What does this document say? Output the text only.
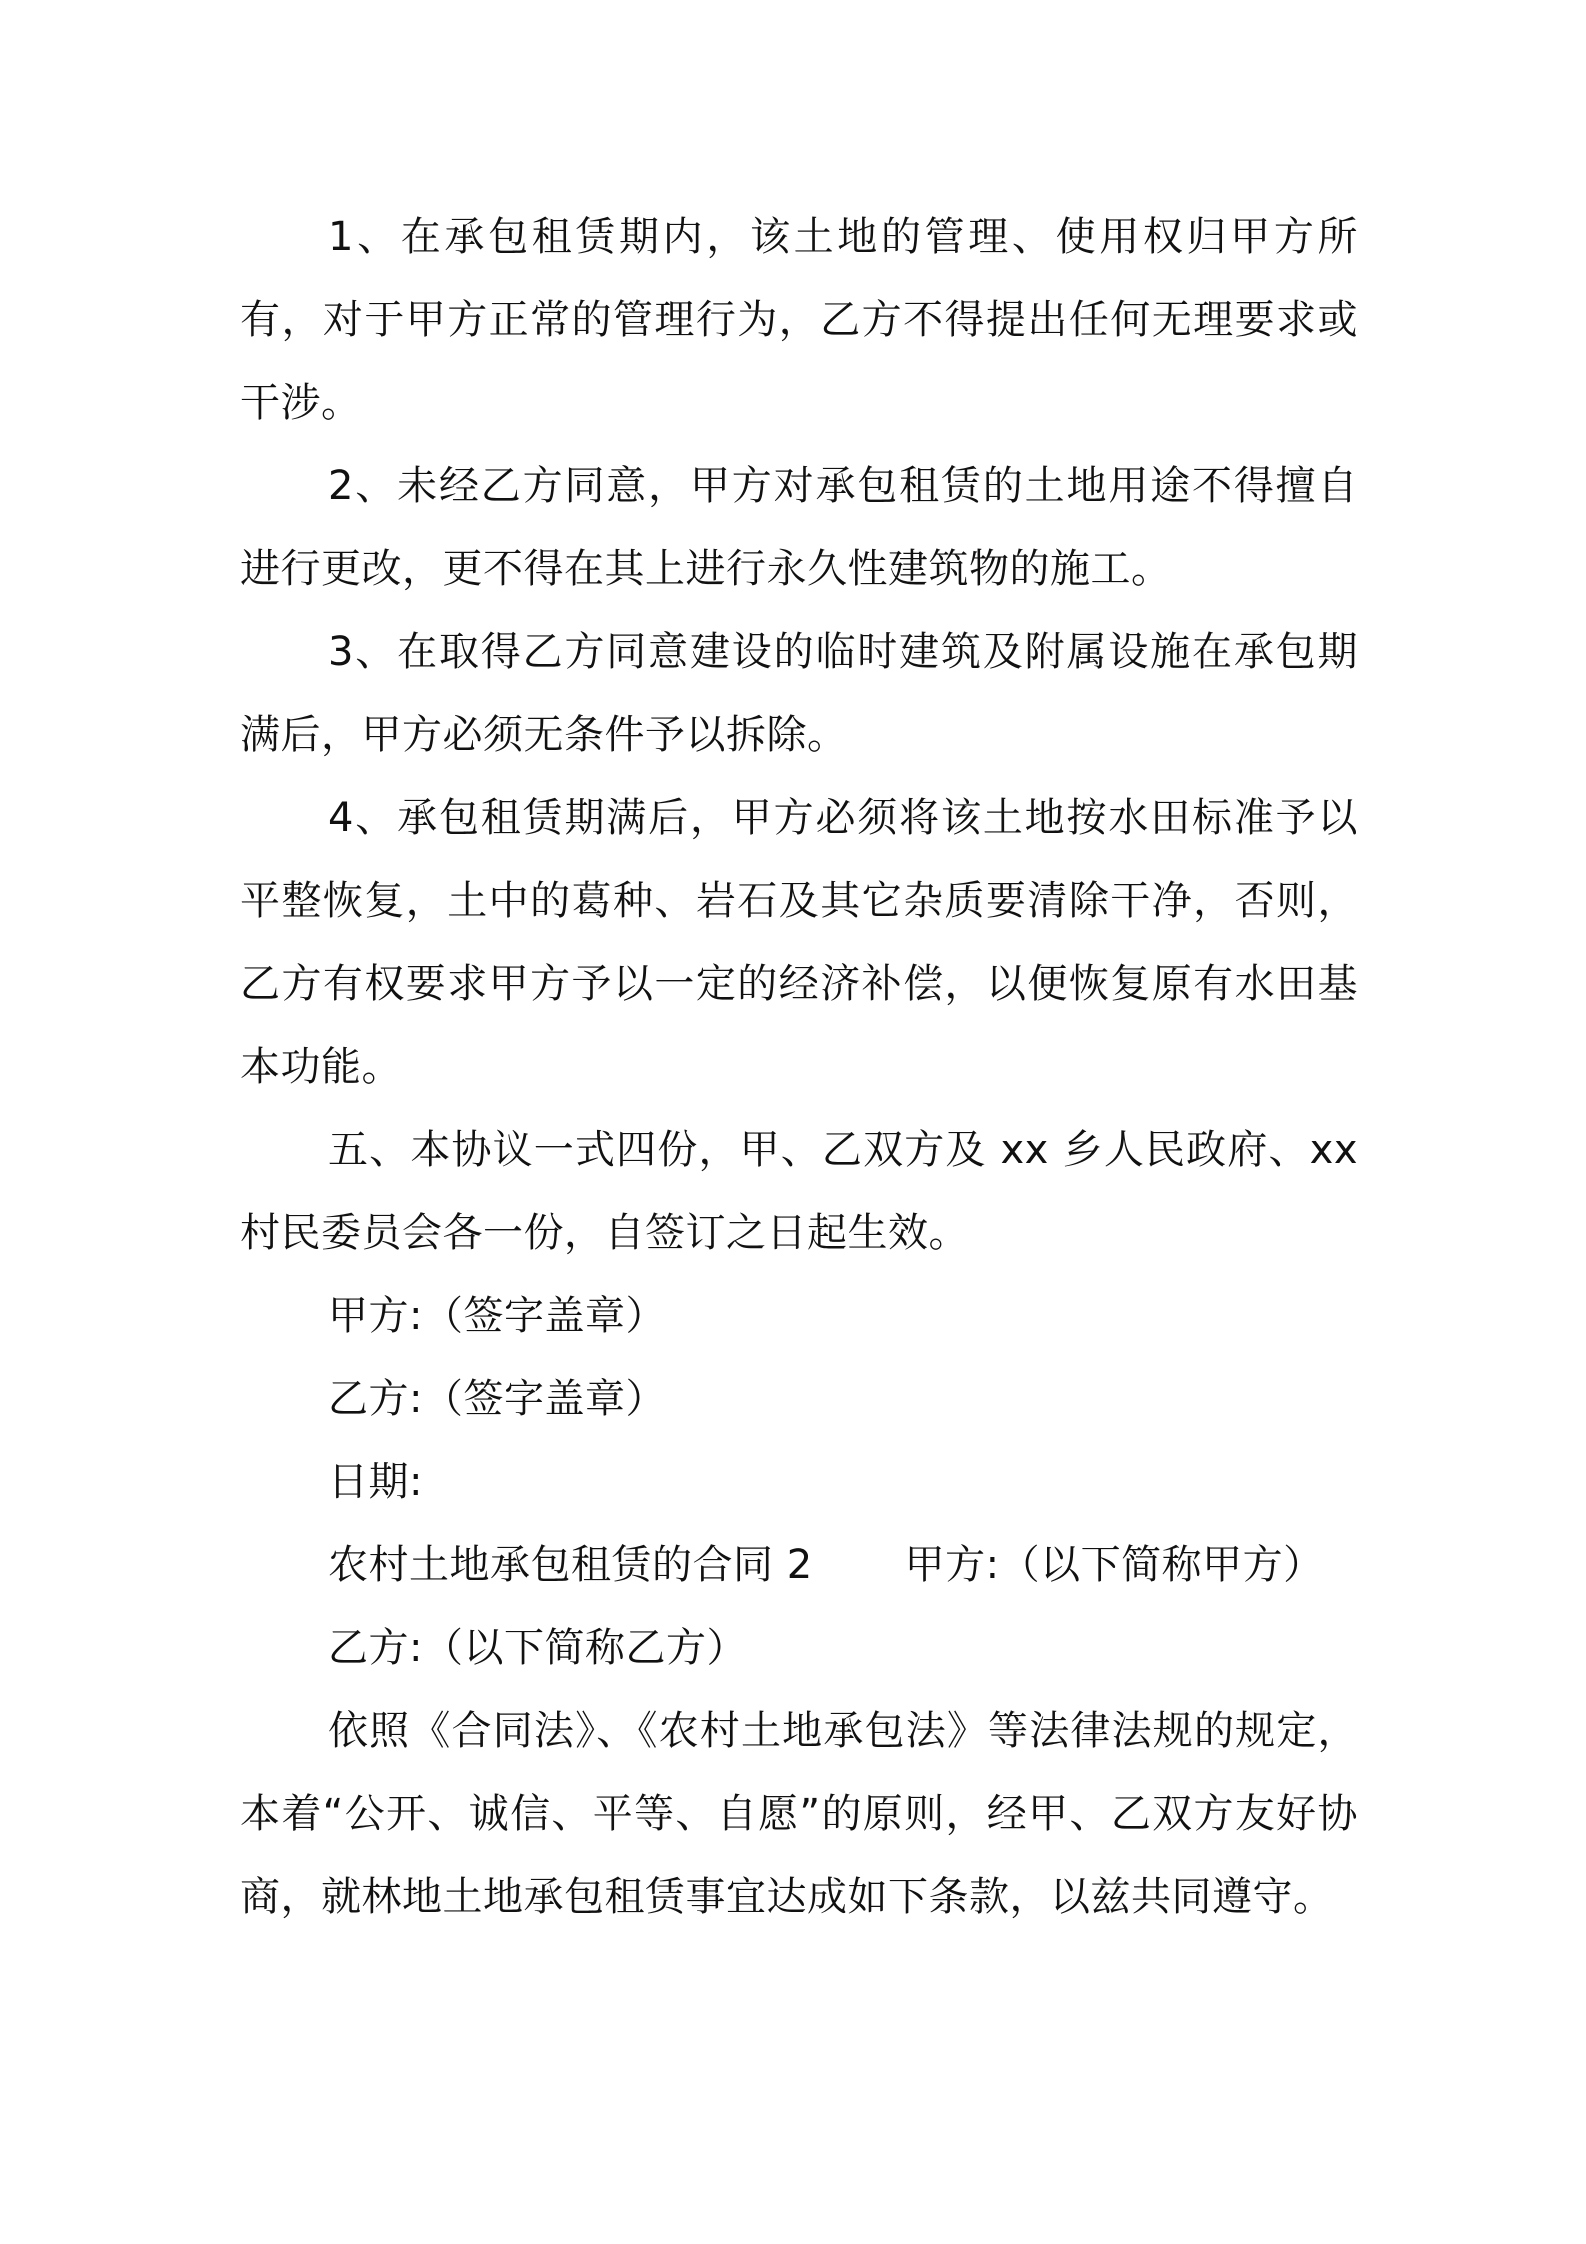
1、在承包租赁期内，该土地的管理、使用权归甲方所有，对于甲方正常的管理行为，乙方不得提出任何无理要求或干涉。

2、未经乙方同意，甲方对承包租赁的土地用途不得擅自进行更改，更不得在其上进行永久性建筑物的施工。

3、在取得乙方同意建设的临时建筑及附属设施在承包期满后，甲方必须无条件予以拆除。

4、承包租赁期满后，甲方必须将该土地按水田标准予以平整恢复，土中的葛种、岩石及其它杂质要清除干净，否则，乙方有权要求甲方予以一定的经济补偿，以便恢复原有水田基本功能。

五、本协议一式四份，甲、乙双方及 xx 乡人民政府、xx 村民委员会各一份，自签订之日起生效。

甲方:（签字盖章）

乙方:（签字盖章）

日期:

农村土地承包租赁的合同 2 甲方:（以下简称甲方）

乙方:（以下简称乙方）

依照《合同法》、《农村土地承包法》等法律法规的规定，本着“公开、诚信、平等、自愿”的原则，经甲、乙双方友好协商，就林地土地承包租赁事宜达成如下条款，以兹共同遵守。
